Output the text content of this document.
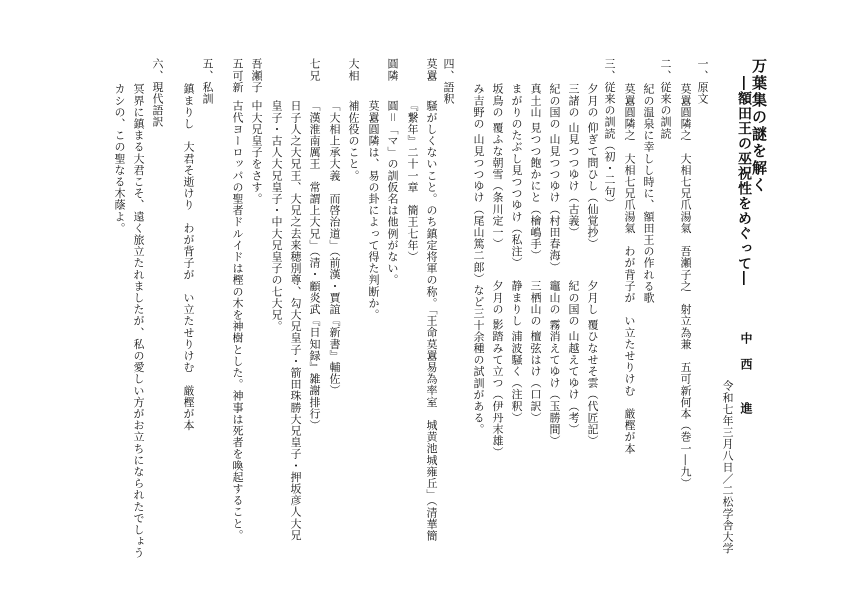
万葉集の謎を解く
―額田王の巫祝性をめぐって―
令和七年三月八日／二松学舎大学 中西 進
一、原文
莫囂圓隣之　大相七兄爪湯氣　吾瀬子之　射立為兼　五可新何本（巻一―九）
二、従来の訓読
紀の温泉に幸しし時に、額田王の作れる歌
莫囂圓隣之　大相七兄爪湯氣　わが背子が　い立たせりけむ　厳樫が本
三、従来の訓読（初・二句）
夕月の 仰ぎて問ひし（仙覚抄）
夕月し 覆ひなせそ雲（代匠記）
三諸の 山見つつゆけ（古義）
紀の国の 山越えてゆけ（考）
紀の国の 山見つつゆけ（村田春海）
竈山の 霧消えてゆけ（玉勝間）
真土山 見つつ飽かにと（檜嶋手）
三栖山の 檀弦はけ（口訳）
まがりのたぶし見つつゆけ（私注）
静まりし 浦波騒く（注釈）
坂鳥の 覆ふな朝雪（条川定一）
夕月の 影踏みて立つ（伊丹末雄）
み吉野の 山見つつゆけ（尾山篤二郎）など三十余種の試訓がある。
四、語釈
莫囂
騒がしくないこと。のち鎮定将軍の称。「王命莫囂易為率室　城黄池城雍丘」（清華簡
『繋年』二十一章　簡王七年）
圓隣
圓＝「マ」の訓仮名は他例がない。
莫囂圓隣は、易の卦によって得た判断か。
大相
補佐役のこと。
「大相上承大義　而啓治道」（前漢・賈誼『新書』輔佐）
七兄
「漢淮南厲王　常謂上大兄」（清・顧炎武『日知録』雑謝排行）
日子人之大兄王、大兄之去来穂別尊、勾大兄皇子・箭田珠勝大兄皇子・押坂彦人大兄
皇子・古人大兄皇子・中大兄皇子の七大兄。
吾瀬子
中大兄皇子をさす。
五可新
古代ヨーロッパの聖者ドルイドは樫の木を神樹とした。神事は死者を喚起すること。
五、私訓
鎮まりし　大君そ逝けり　わが背子が　い立たせりけむ　厳樫が本
六、現代語訳
冥界に鎮まる大君こそ、遠く旅立たれましたが、私の愛しい方がお立ちになられたでしょう
カシの、この聖なる木蔭よ。
